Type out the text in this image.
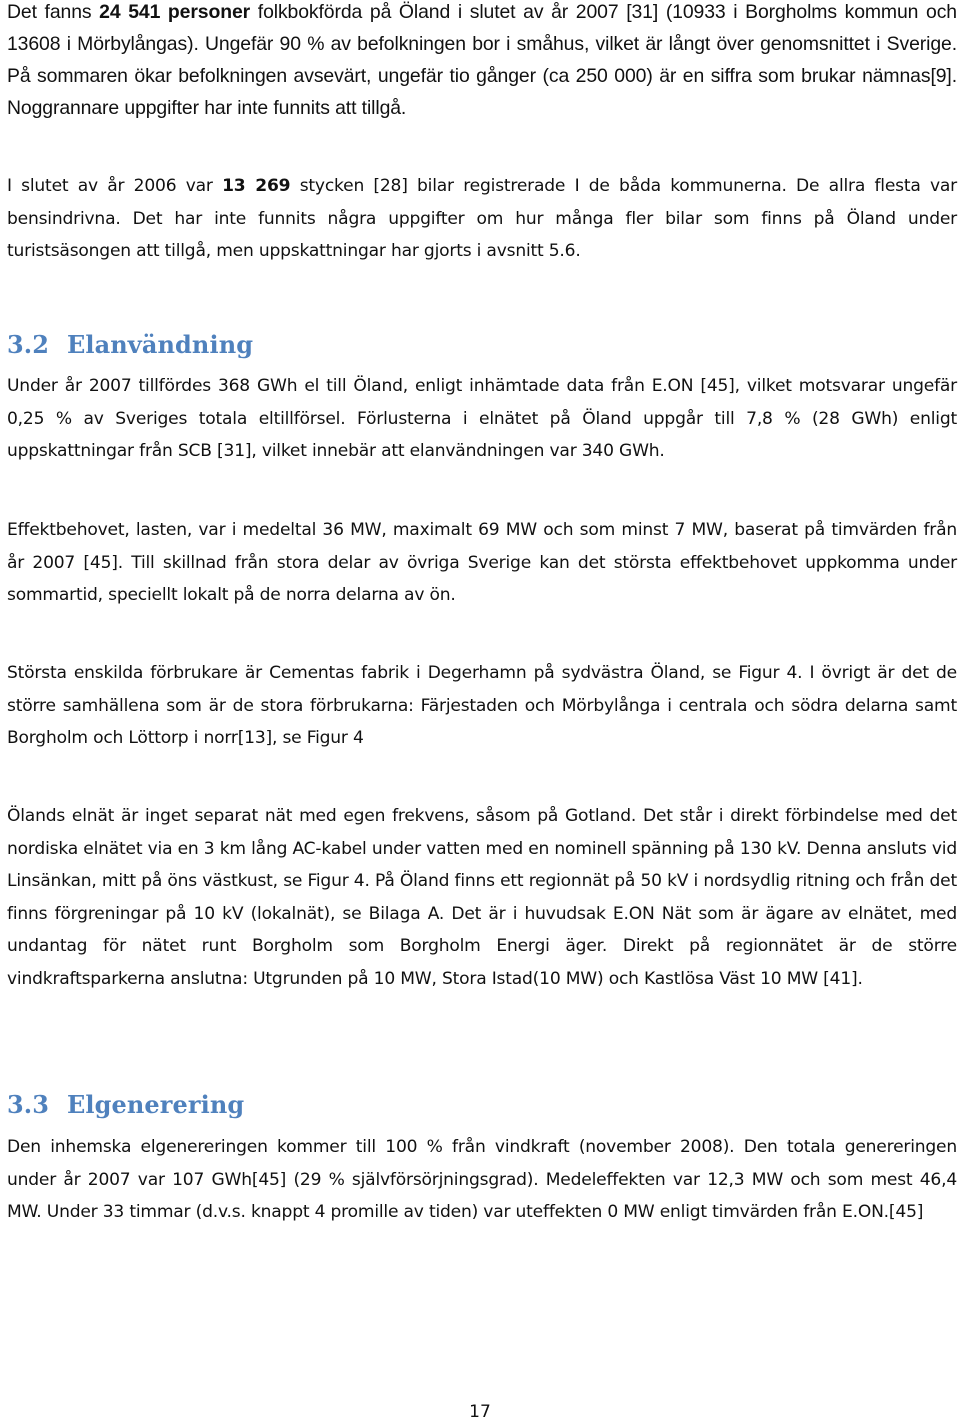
Det fanns 24 541 personer folkbokförda på Öland i slutet av år 2007 [31] (10933 i Borgholms kommun och 13608 i Mörbylångas). Ungefär 90 % av befolkningen bor i småhus, vilket är långt över genomsnittet i Sverige. På sommaren ökar befolkningen avsevärt, ungefär tio gånger (ca 250 000) är en siffra som brukar nämnas[9]. Noggrannare uppgifter har inte funnits att tillgå.

I slutet av år 2006 var 13 269 stycken [28] bilar registrerade I de båda kommunerna. De allra flesta var bensindrivna. Det har inte funnits några uppgifter om hur många fler bilar som finns på Öland under turistsäsongen att tillgå, men uppskattningar har gjorts i avsnitt 5.6.

3.2 Elanvändning

Under år 2007 tillfördes 368 GWh el till Öland, enligt inhämtade data från E.ON [45], vilket motsvarar ungefär 0,25 % av Sveriges totala eltillförsel. Förlusterna i elnätet på Öland uppgår till 7,8 % (28 GWh) enligt uppskattningar från SCB [31], vilket innebär att elanvändningen var 340 GWh.

Effektbehovet, lasten, var i medeltal 36 MW, maximalt 69 MW och som minst 7 MW, baserat på timvärden från år 2007 [45]. Till skillnad från stora delar av övriga Sverige kan det största effektbehovet uppkomma under sommartid, speciellt lokalt på de norra delarna av ön.

Största enskilda förbrukare är Cementas fabrik i Degerhamn på sydvästra Öland, se Figur 4. I övrigt är det de större samhällena som är de stora förbrukarna: Färjestaden och Mörbylånga i centrala och södra delarna samt Borgholm och Löttorp i norr[13], se Figur 4

Ölands elnät är inget separat nät med egen frekvens, såsom på Gotland. Det står i direkt förbindelse med det nordiska elnätet via en 3 km lång AC-kabel under vatten med en nominell spänning på 130 kV. Denna ansluts vid Linsänkan, mitt på öns västkust, se Figur 4. På Öland finns ett regionnät på 50 kV i nordsydlig ritning och från det finns förgreningar på 10 kV (lokalnät), se Bilaga A. Det är i huvudsak E.ON Nät som är ägare av elnätet, med undantag för nätet runt Borgholm som Borgholm Energi äger. Direkt på regionnätet är de större vindkraftsparkerna anslutna: Utgrunden på 10 MW, Stora Istad(10 MW) och Kastlösa Väst 10 MW [41].

3.3 Elgenerering

Den inhemska elgenereringen kommer till 100 % från vindkraft (november 2008). Den totala genereringen under år 2007 var 107 GWh[45] (29 % självförsörjningsgrad). Medeleffekten var 12,3 MW och som mest 46,4 MW. Under 33 timmar (d.v.s. knappt 4 promille av tiden) var uteffekten 0 MW enligt timvärden från E.ON.[45]

17
